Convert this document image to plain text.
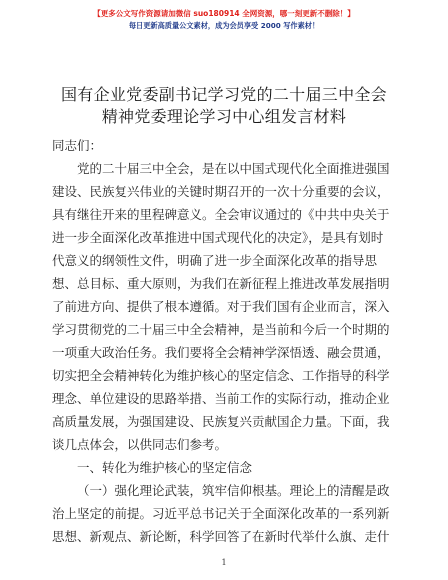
【更多公文写作资源请加微信 suo180914 全网资源，哪一刻更新不删除！】
每日更新高质量公文素材，成为会员享受 2000 写作素材！
国有企业党委副书记学习党的二十届三中全会
精神党委理论学习中心组发言材料
同志们：
党的二十届三中全会，是在以中国式现代化全面推进强国
建设、民族复兴伟业的关键时期召开的一次十分重要的会议，
具有继往开来的里程碑意义。全会审议通过的《中共中央关于
进一步全面深化改革推进中国式现代化的决定》，是具有划时
代意义的纲领性文件，明确了进一步全面深化改革的指导思
想、总目标、重大原则，为我们在新征程上推进改革发展指明
了前进方向、提供了根本遵循。对于我们国有企业而言，深入
学习贯彻党的二十届三中全会精神，是当前和今后一个时期的
一项重大政治任务。我们要将全会精神学深悟透、融会贯通，
切实把全会精神转化为维护核心的坚定信念、工作指导的科学
理念、单位建设的思路举措、当前工作的实际行动，推动企业
高质量发展，为强国建设、民族复兴贡献国企力量。下面，我
谈几点体会，以供同志们参考。
一、转化为维护核心的坚定信念
（一）强化理论武装，筑牢信仰根基。理论上的清醒是政
治上坚定的前提。习近平总书记关于全面深化改革的一系列新
思想、新观点、新论断，科学回答了在新时代举什么旗、走什
1
